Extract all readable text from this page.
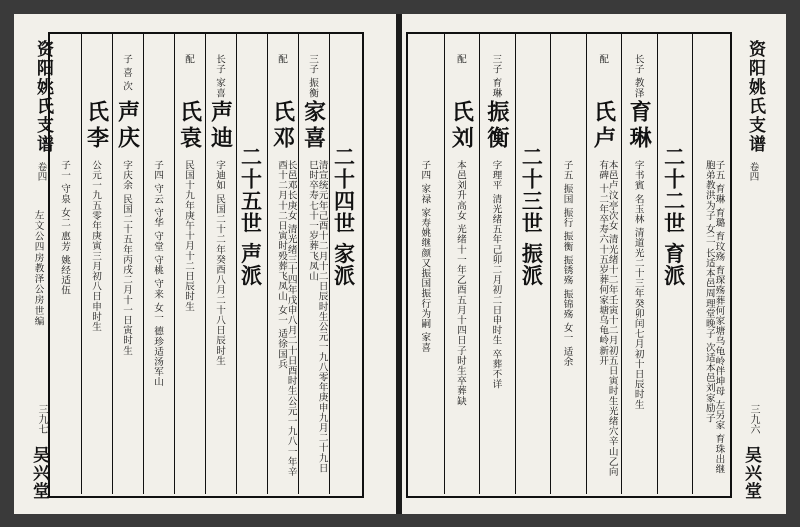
子一 守泉 女二 惠芳 姚经适伍
氏李
公元一九五零年庚寅三月初八日申时生
子 喜 次
声庆
字庆余 民国二十五年丙戌二月十一日寅时生 子四 守云 守华 守堂 守桃 守来 女一 德珍适汤军山
配
氏袁
民国十九年庚午十月十二日辰时生
长子 家喜
声迪
字迪如 民国二十二年癸酉八月二十八日辰时生 二十五世 声派
配
氏邓
长邑邓长庚女 清光绪三十四年戊申八月二十日酉时生公元一九八一年辛酉十二月十二日寅时殁葬飞凤山 女一 适徐国兵
三子 振衡
家喜
清宣统元年己酉十二月十二日辰时生公元一九八零年庚申九月二十九日巳时卒寿七十一岁葬飞凤山 二十四世 家派
资阳姚氏支谱
卷四
左文公四房教泽公房世编
三九七
吴兴堂
子四 家禄 家寿姚继颜又振国振行为嗣 家喜
配
氏刘
本邑刘升高女 光绪十一年乙酉五月十四日子时生卒葬缺
三子 育琳
振衡
字理平 清光绪五年己卯二月初二日申时生 卒葬不详 二十三世 振派 子五 振国 振行 振衡 振锈殇 振锦殇 女一 适余
配
氏卢
本邑卢汶亭次女 清光绪十二年壬寅十二月初五日寅时生光绪穴辛山乙向有碑 十二年卒寿六十五岁葬何家塘乌龟岭新开
长子 教泽
育琳
字书賓 名玉林 清道光二十三年癸卯闰七月初十日辰时生 二十二世 育派	子五 育琳 育璐 育玟殇 育琛殇葬何家塘乌龟岭伴坤母 左另家 育珠出继胞弟教洪为子 女二 长适本邑周理堂晚子 次适本邑刘家励子
资阳姚氏支谱
卷四
三九六
吴兴堂
